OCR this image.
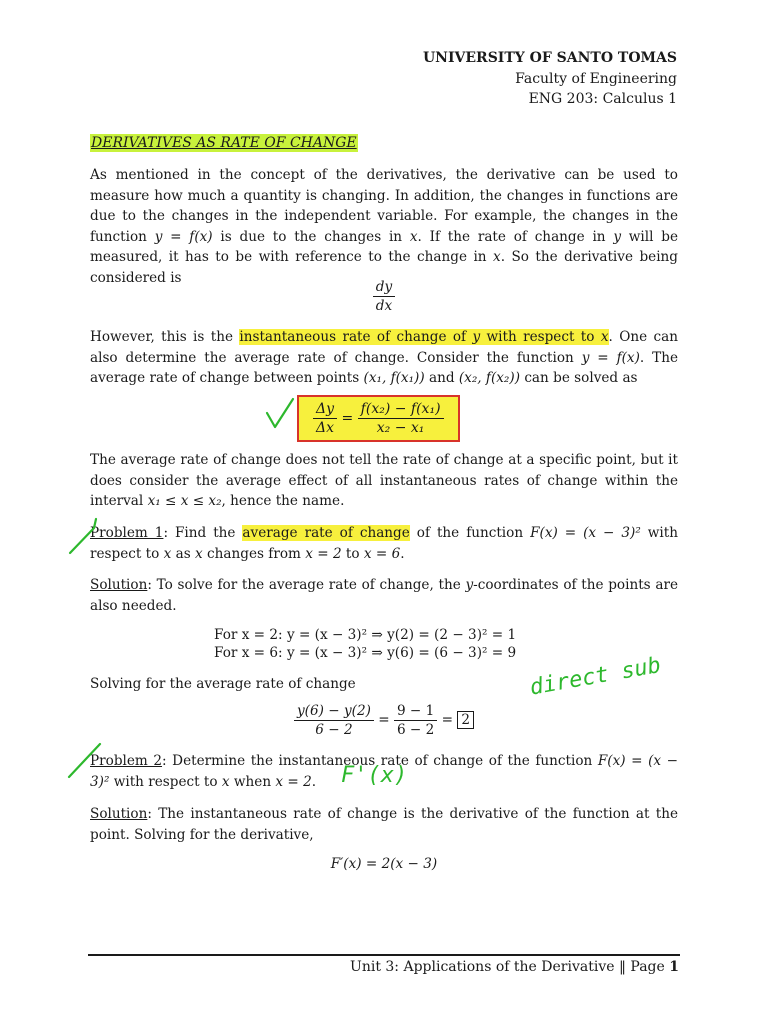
UNIVERSITY OF SANTO TOMAS
Faculty of Engineering
ENG 203: Calculus 1
DERIVATIVES AS RATE OF CHANGE
As mentioned in the concept of the derivatives, the derivative can be used to measure how much a quantity is changing. In addition, the changes in functions are due to the changes in the independent variable. For example, the changes in the function y = f(x) is due to the changes in x. If the rate of change in y will be measured, it has to be with reference to the change in x. So the derivative being considered is
$\frac{dy}{dx}$
However, this is the instantaneous rate of change of y with respect to x. One can also determine the average rate of change. Consider the function y = f(x). The average rate of change between points (x₁, f(x₁)) and (x₂, f(x₂)) can be solved as
$\frac{\Delta y}{\Delta x} = \frac{\text{f(x₂) − f(x₁)}}{\text{x₂ − x₁}}$
The average rate of change does not tell the rate of change at a specific point, but it does consider the average effect of all instantaneous rates of change within the interval x₁ ≤ x ≤ x₂, hence the name.
Problem 1: Find the average rate of change of the function F(x) = (x − 3)² with respect to x as x changes from x = 2 to x = 6.
Solution: To solve for the average rate of change, the y-coordinates of the points are also needed.
For x = 2: y = (x − 3)² ⇒ y(2) = (2 − 3)² = 1
For x = 6: y = (x − 3)² ⇒ y(6) = (6 − 3)² = 9
Solving for the average rate of change
$\frac{y(6) - y(2)}{6 - 2} = \frac{9 - 1}{6 - 2} = 2$
Problem 2: Determine the instantaneous rate of change of the function F(x) = (x − 3)² with respect to x when x = 2.
Solution: The instantaneous rate of change is the derivative of the function at the point. Solving for the derivative,
F′(x) = 2(x − 3)
direct sub
F'(x)
Unit 3: Applications of the Derivative ‖ Page 1
